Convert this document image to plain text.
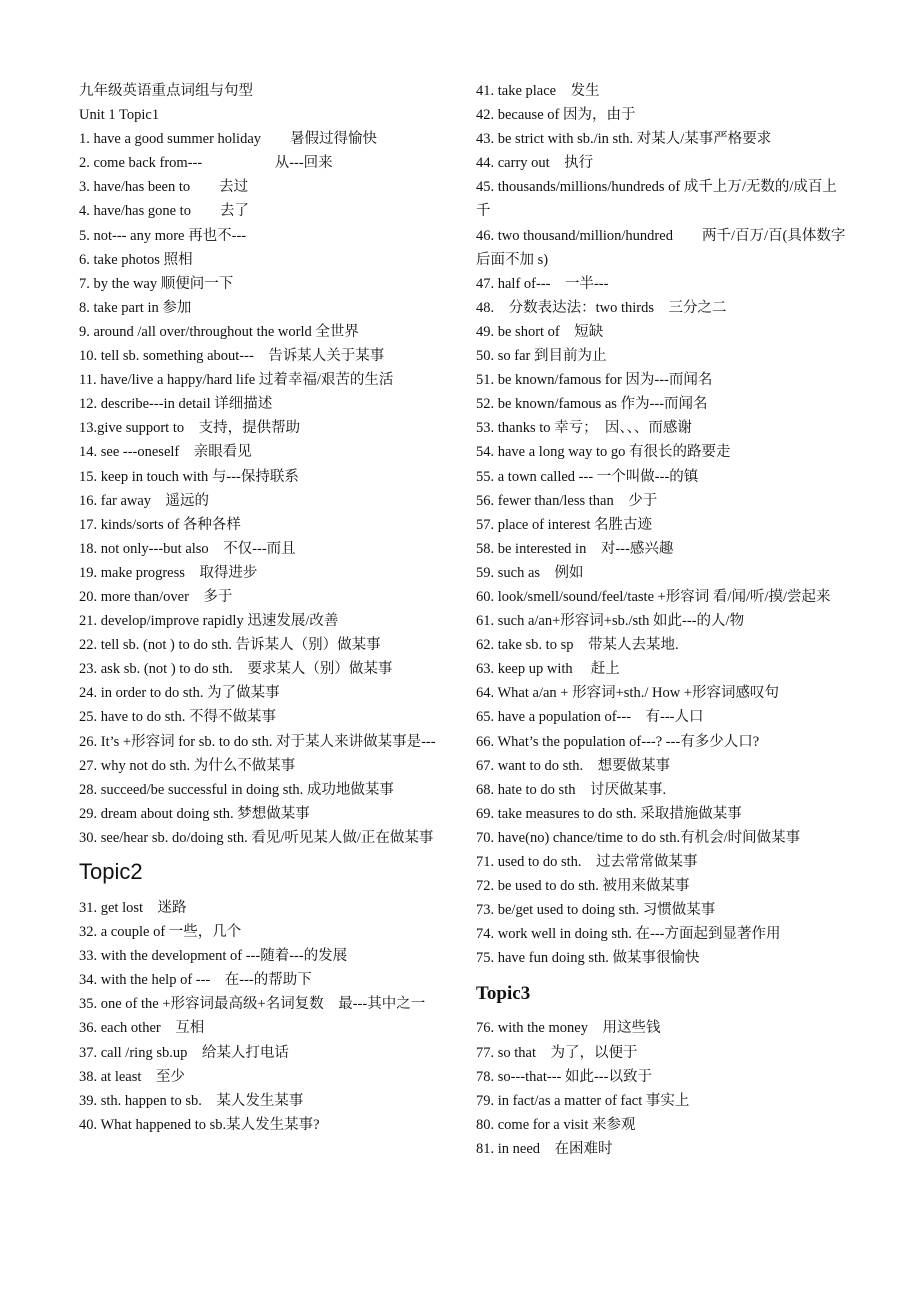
九年级英语重点词组与句型

Unit 1 Topic1

1. have a good summer holiday　　暑假过得愉快

2. come back from---　　　　　从---回来

3. have/has been to　　去过

4. have/has gone to　　去了

5. not--- any more 再也不---

6. take photos 照相

7. by the way 顺便问一下

8. take part in 参加

9. around /all over/throughout the world 全世界

10. tell sb. something about---　告诉某人关于某事

11. have/live a happy/hard life 过着幸福/艰苦的生活

12. describe---in detail 详细描述

13.give support to　支持，提供帮助

14. see ---oneself　亲眼看见

15. keep in touch with 与---保持联系

16. far away　遥远的

17. kinds/sorts of 各种各样

18. not only---but also　不仅---而且

19. make progress　取得进步

20. more than/over　多于

21. develop/improve rapidly 迅速发展/改善

22. tell sb. (not ) to do sth. 告诉某人（别）做某事

23. ask sb. (not ) to do sth.　要求某人（别）做某事

24. in order to do sth. 为了做某事

25. have to do sth. 不得不做某事

26. It’s +形容词 for sb. to do sth. 对于某人来讲做某事是---

27. why not do sth. 为什么不做某事

28. succeed/be successful in doing sth. 成功地做某事

29. dream about doing sth. 梦想做某事

30. see/hear sb. do/doing sth. 看见/听见某人做/正在做某事

Topic2

31. get lost　迷路

32. a couple of 一些，几个

33. with the development of ---随着---的发展

34. with the help of ---　在---的帮助下

35. one of the +形容词最高级+名词复数　最---其中之一

36. each other　互相

37. call /ring sb.up　给某人打电话

38. at least　至少

39. sth. happen to sb.　某人发生某事

40. What happened to sb.某人发生某事?

41. take place　发生

42. because of 因为，由于

43. be strict with sb./in sth. 对某人/某事严格要求

44. carry out　执行

45. thousands/millions/hundreds of 成千上万/无数的/成百上千

46. two thousand/million/hundred　　两千/百万/百(具体数字后面不加 s)

47. half of---　一半---

48.　分数表达法：two thirds　三分之二

49. be short of　短缺

50. so far 到目前为止

51. be known/famous for 因为---而闻名

52. be known/famous as 作为---而闻名

53. thanks to 幸亏；　因、、、而感谢

54. have a long way to go 有很长的路要走

55. a town called --- 一个叫做---的镇

56. fewer than/less than　少于

57. place of interest 名胜古迹

58. be interested in　对---感兴趣

59. such as　例如

60. look/smell/sound/feel/taste +形容词 看/闻/听/摸/尝起来

61. such a/an+形容词+sb./sth 如此---的人/物

62. take sb. to sp　带某人去某地.

63. keep up with　 赶上

64. What a/an + 形容词+sth./ How +形容词感叹句

65. have a population of---　有---人口

66. What’s the population of---? ---有多少人口?

67. want to do sth.　想要做某事

68. hate to do sth　讨厌做某事.

69. take measures to do sth. 采取措施做某事

70. have(no) chance/time to do sth.有机会/时间做某事

71. used to do sth.　过去常常做某事

72. be used to do sth. 被用来做某事

73. be/get used to doing sth. 习惯做某事

74. work well in doing sth. 在---方面起到显著作用

75. have fun doing sth. 做某事很愉快

Topic3

76. with the money　用这些钱

77. so that　为了，以便于

78. so---that--- 如此---以致于

79. in fact/as a matter of fact 事实上

80. come for a visit 来参观

81. in need　在困难时
